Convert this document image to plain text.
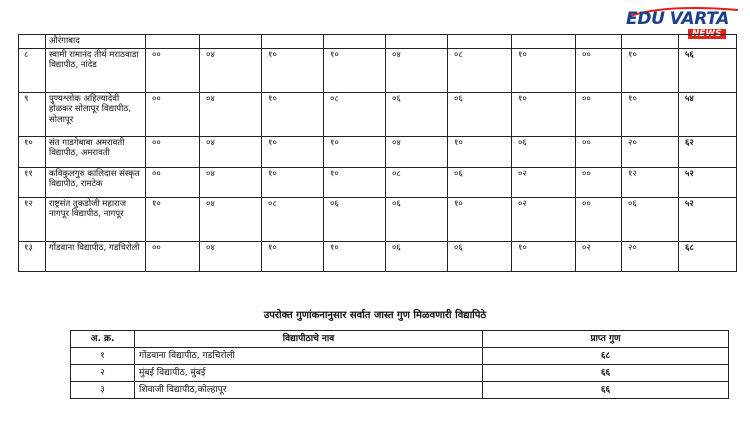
EDU VARTA
NEWS
	औरंगाबाद										
८	स्वामी रामानंद तीर्थ मराठवाडा विद्यापीठ, नांदेड	००	०४	१०	१०	०४	०८	१०	००	१०	५६
९	पुण्यश्लोक अहिल्यादेवी होळकर सोलापूर विद्यापीठ, सोलापूर	००	०४	१०	०८	०६	०६	१०	००	१०	५४
१०	संत गाडगेबाबा अमरावती विद्यापीठ, अमरावती	००	०४	१०	१०	०४	१०	०६	००	२०	६२
११	कविकुलगुरु कालिदास संस्कृत विद्यापीठ, रामटेक	००	०४	१०	१०	०८	०६	०२	००	१२	५२
१२	राष्ट्रसंत तुकडोजी महाराज नागपूर विद्यापीठ, नागपूर	१०	०४	०८	०६	०६	१०	०२	००	०६	५२
१३	गोंडवाना विद्यापीठ, गडचिरोली	००	०४	१०	१०	०६	०६	१०	०२	२०	६८
उपरोक्त गुणांकनानुसार सर्वात जास्त गुण मिळवणारी विद्यापिठे
अ. क्र.	विद्यापीठाचे नाव	प्राप्त गुण
१	गोंडवाना विद्यापीठ, गडचिरोली	६८
२	मुंबई विद्यापीठ, मुंबई	६६
३	शिवाजी विद्यापीठ,कोल्हापूर	६६
